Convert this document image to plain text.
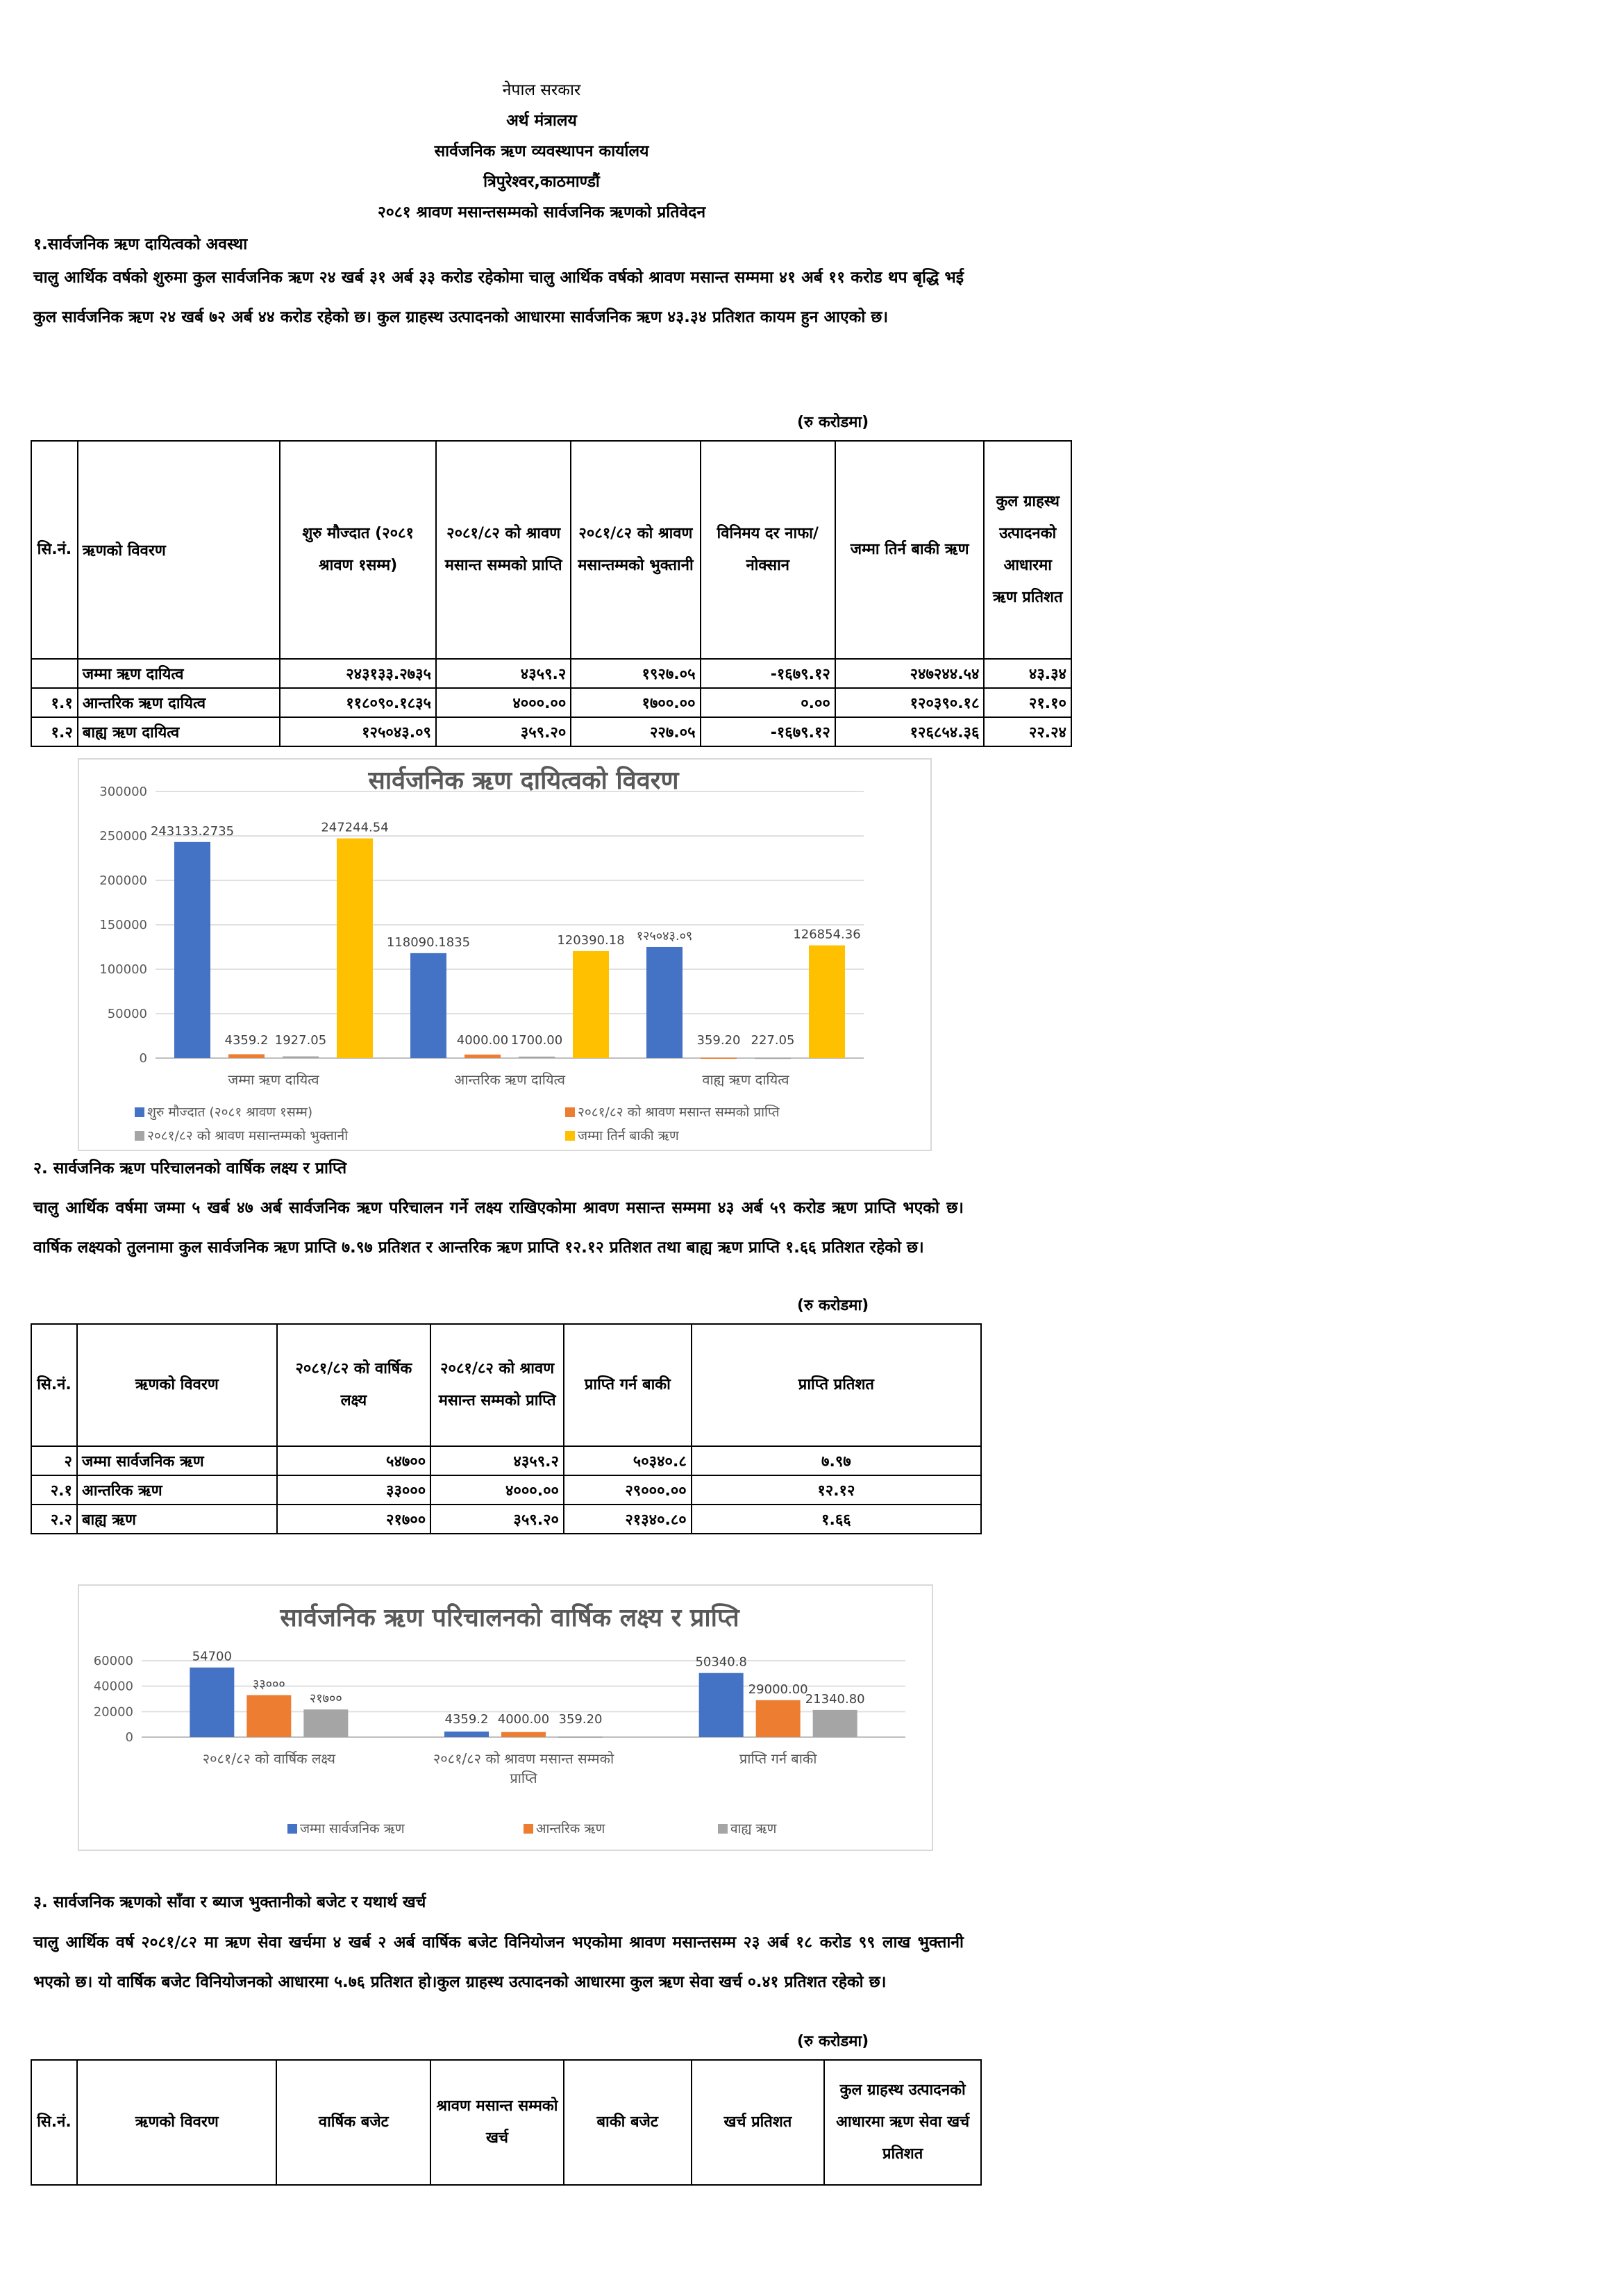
नेपाल सरकार
अर्थ मंत्रालय
सार्वजनिक ऋण व्यवस्थापन कार्यालय
त्रिपुरेश्वर,काठमाण्डौं
२०८१ श्रावण मसान्तसम्मको सार्वजनिक ऋणको प्रतिवेदन
१.सार्वजनिक ऋण दायित्वको अवस्था
चालु आर्थिक वर्षको शुरुमा कुल सार्वजनिक ऋण २४ खर्ब ३१ अर्ब ३३ करोड रहेकोमा चालु आर्थिक वर्षको श्रावण मसान्त सम्ममा ४१ अर्ब ११ करोड थप बृद्धि भई कुल सार्वजनिक ऋण २४ खर्ब ७२ अर्ब ४४ करोड रहेको छ। कुल ग्राहस्थ उत्पादनको आधारमा सार्वजनिक ऋण ४३.३४ प्रतिशत कायम हुन आएको छ।
(रु करोडमा)
सि.नं.	ऋणको विवरण	शुरु मौज्दात (२०८१ श्रावण १सम्म)	२०८१/८२ को श्रावण मसान्त सम्मको प्राप्ति	२०८१/८२ को श्रावण मसान्तम्मको भुक्तानी	विनिमय दर नाफा/नोक्सान	जम्मा तिर्न बाकी ऋण	कुल ग्राहस्थ उत्पादनको आधारमा ऋण प्रतिशत
	जम्मा ऋण दायित्व	२४३१३३.२७३५	४३५९.२	१९२७.०५	-१६७९.१२	२४७२४४.५४	४३.३४
१.१	आन्तरिक ऋण दायित्व	११८०९०.१८३५	४०००.००	१७००.००	०.००	१२०३९०.१८	२१.१०
१.२	बाह्य ऋण दायित्व	१२५०४३.०९	३५९.२०	२२७.०५	-१६७९.१२	१२६८५४.३६	२२.२४
सार्वजनिक ऋण दायित्वको विवरण
300000
250000
200000
150000
100000
50000
0
243133.2735
4359.2 1927.05
247244.54
जम्मा ऋण दायित्व
118090.1835
4000.00 1700.00
120390.18
आन्तरिक ऋण दायित्व
१२५०४३.०९
359.20 227.05
126854.36
वाह्य ऋण दायित्व
शुरु मौज्दात (२०८१ श्रावण १सम्म)	२०८१/८२ को श्रावण मसान्त सम्मको प्राप्ति
२०८१/८२ को श्रावण मसान्तम्मको भुक्तानी	जम्मा तिर्न बाकी ऋण
२. सार्वजनिक ऋण परिचालनको वार्षिक लक्ष्य र प्राप्ति
चालु आर्थिक वर्षमा जम्मा ५ खर्ब ४७ अर्ब सार्वजनिक ऋण परिचालन गर्ने लक्ष्य राखिएकोमा श्रावण मसान्त सम्ममा ४३ अर्ब ५९ करोड ऋण प्राप्ति भएको छ। वार्षिक लक्ष्यको तुलनामा कुल सार्वजनिक ऋण प्राप्ति ७.९७ प्रतिशत र आन्तरिक ऋण प्राप्ति १२.१२ प्रतिशत तथा बाह्य ऋण प्राप्ति १.६६ प्रतिशत रहेको छ।
(रु करोडमा)
सि.नं.	ऋणको विवरण	२०८१/८२ को वार्षिक लक्ष्य	२०८१/८२ को श्रावण मसान्त सम्मको प्राप्ति	प्राप्ति गर्न बाकी	प्राप्ति प्रतिशत
२	जम्मा सार्वजनिक ऋण	५४७००	४३५९.२	५०३४०.८	७.९७
२.१	आन्तरिक ऋण	३३०००	४०००.००	२९०००.००	१२.१२
२.२	बाह्य ऋण	२१७००	३५९.२०	२१३४०.८०	१.६६
सार्वजनिक ऋण परिचालनको वार्षिक लक्ष्य र प्राप्ति
60000
40000
20000
0
54700
३३०००
२१७००
२०८१/८२ को वार्षिक लक्ष्य
4359.2 4000.00 359.20
२०८१/८२ को श्रावण मसान्त सम्मको
प्राप्ति
50340.8
29000.00
21340.80
प्राप्ति गर्न बाकी
जम्मा सार्वजनिक ऋण	आन्तरिक ऋण	वाह्य ऋण
३. सार्वजनिक ऋणको साँवा र ब्याज भुक्तानीको बजेट र यथार्थ खर्च
चालु आर्थिक वर्ष २०८१/८२ मा ऋण सेवा खर्चमा ४ खर्ब २ अर्ब वार्षिक बजेट विनियोजन भएकोमा श्रावण मसान्तसम्म २३ अर्ब १८ करोड ९९ लाख भुक्तानी भएको छ। यो वार्षिक बजेट विनियोजनको आधारमा ५.७६ प्रतिशत हो।कुल ग्राहस्थ उत्पादनको आधारमा कुल ऋण सेवा खर्च ०.४१ प्रतिशत रहेको छ।
(रु करोडमा)
सि.नं.	ऋणको विवरण	वार्षिक बजेट	श्रावण मसान्त सम्मको खर्च	बाकी बजेट	खर्च प्रतिशत	कुल ग्राहस्थ उत्पादनको आधारमा ऋण सेवा खर्च प्रतिशत
